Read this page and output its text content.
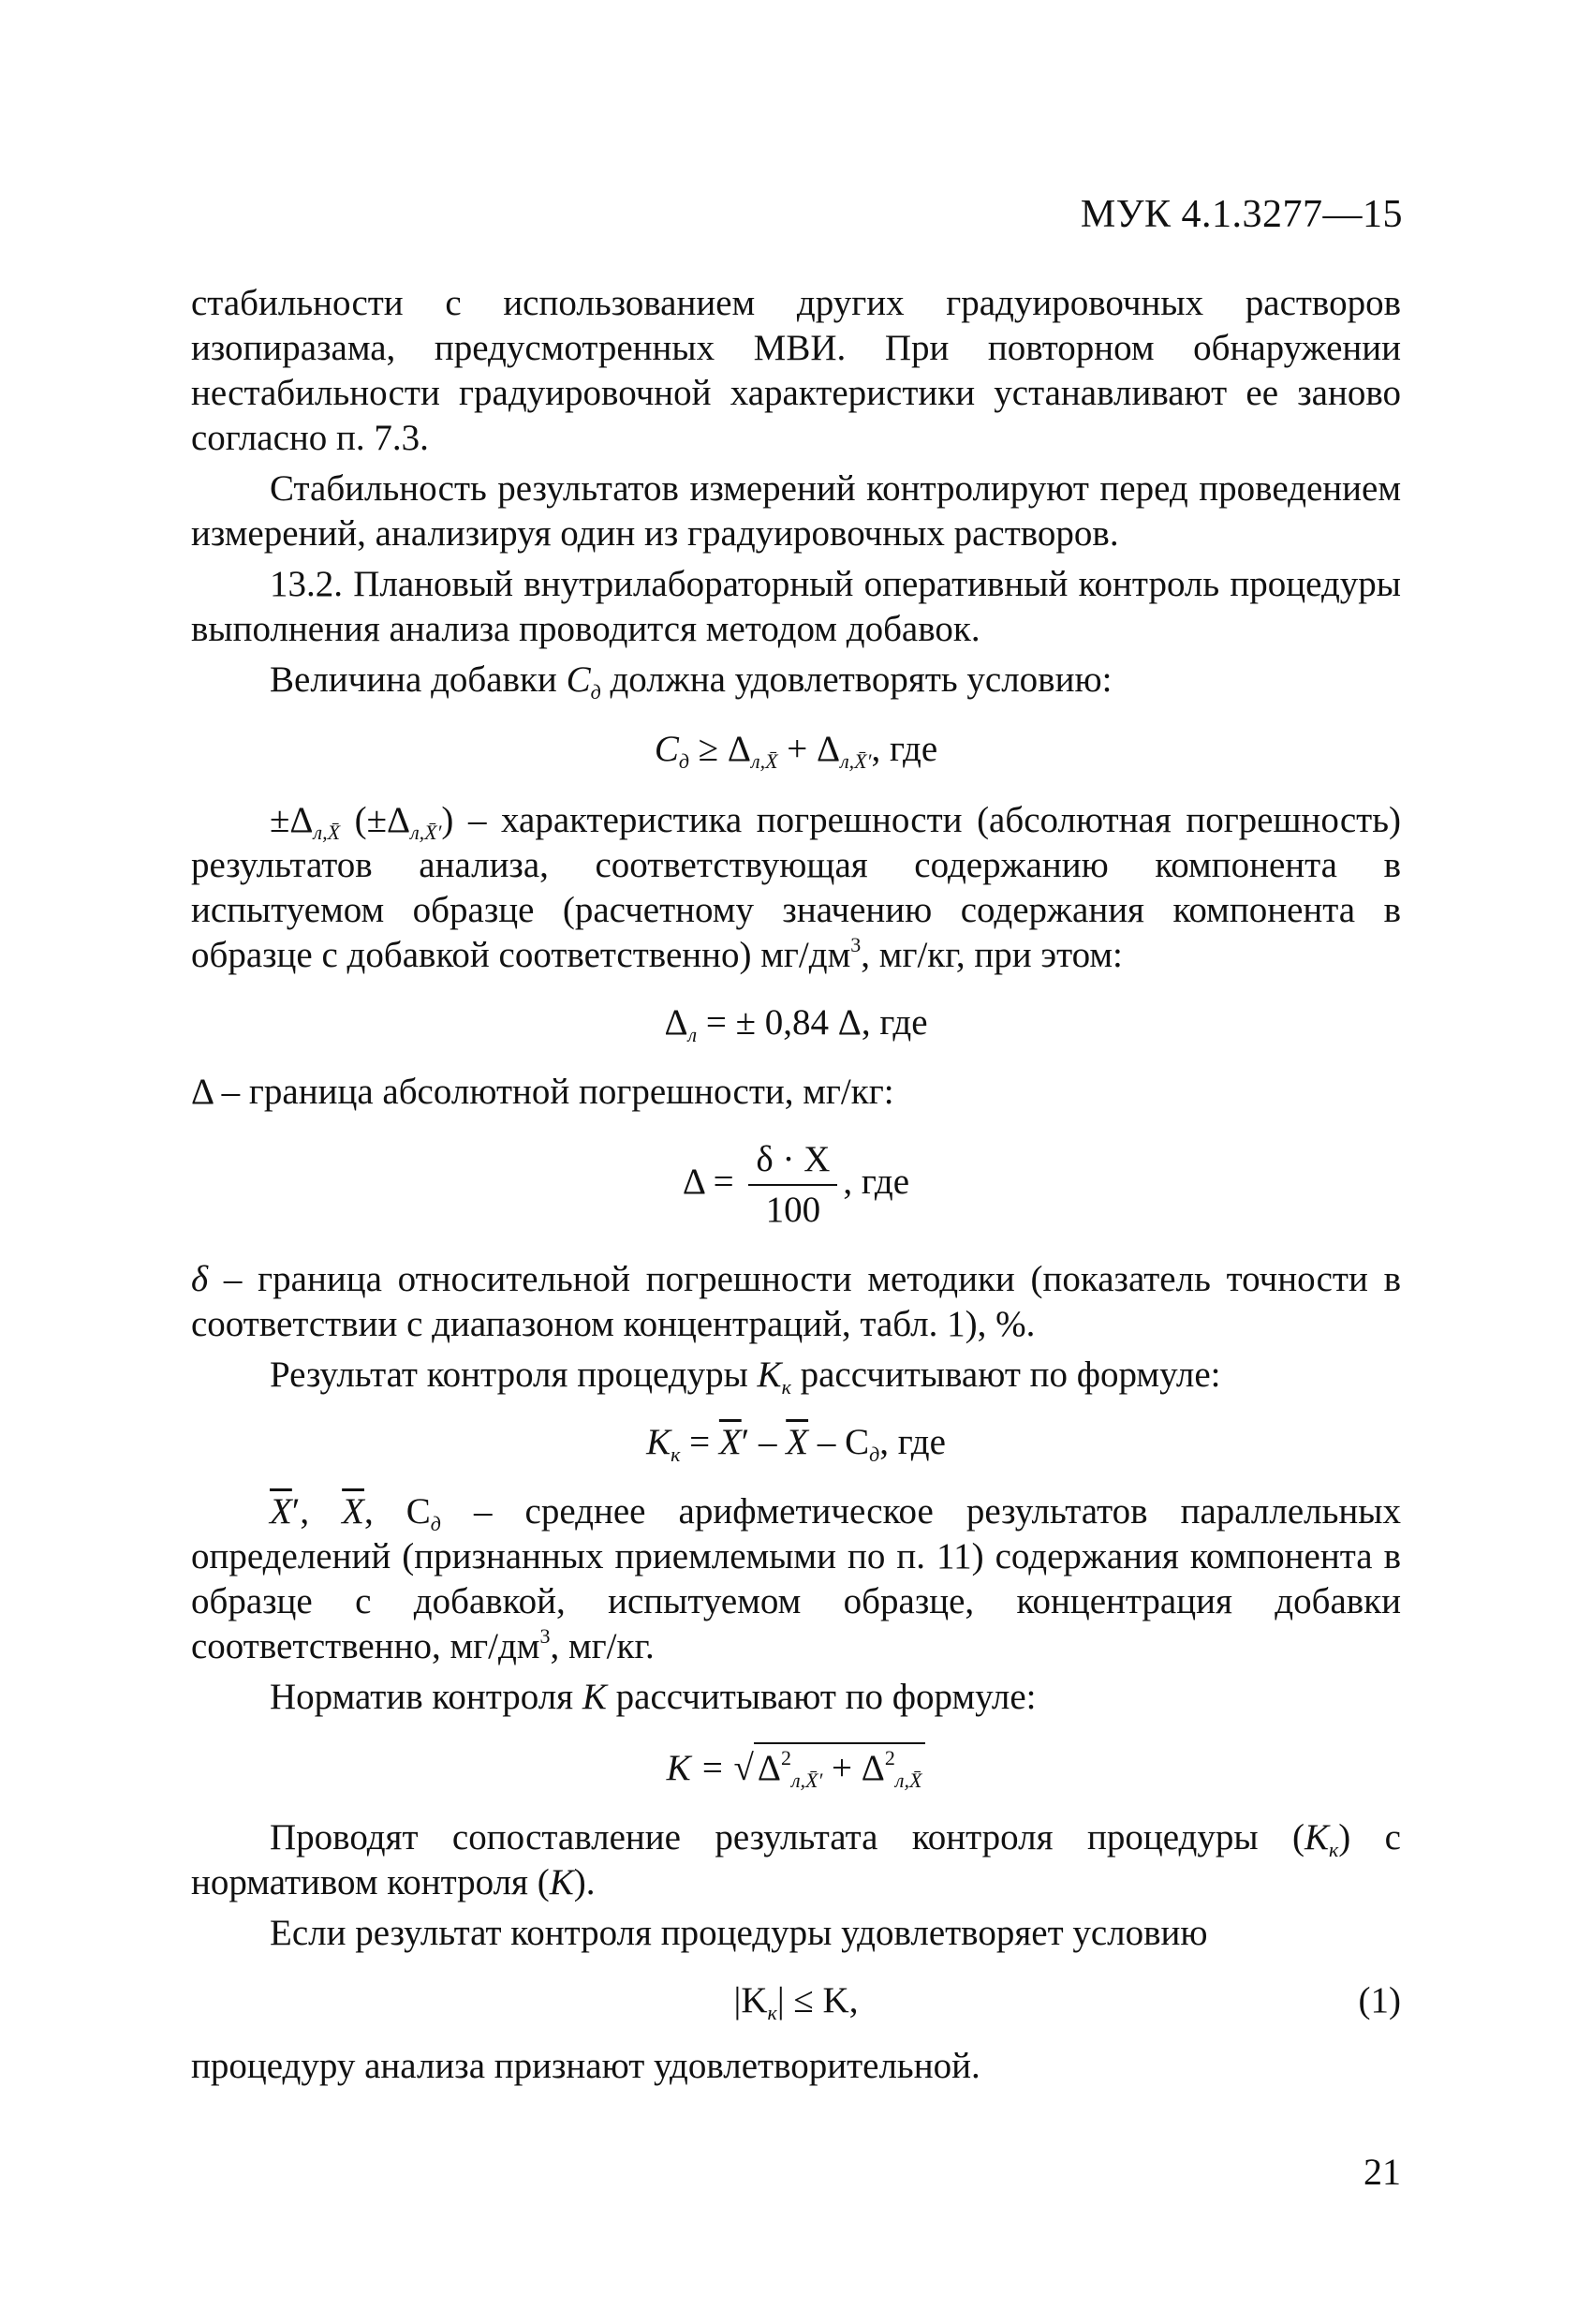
МУК 4.1.3277—15

стабильности с использованием других градуировочных растворов изопиразама, предусмотренных МВИ. При повторном обнаружении нестабильности градуировочной характеристики устанавливают ее заново согласно п. 7.3.

Стабильность результатов измерений контролируют перед проведением измерений, анализируя один из градуировочных растворов.

13.2. Плановый внутрилабораторный оперативный контроль процедуры выполнения анализа проводится методом добавок.

Величина добавки $C_д$ должна удовлетворять условию:

$C_д \ge \Delta_{л,X̄} + \Delta_{л,X̄'}$, где

$\pm\Delta_{л,X̄}$ $(\pm\Delta_{л,X̄'})$ – характеристика погрешности (абсолютная погрешность) результатов анализа, соответствующая содержанию компонента в испытуемом образце (расчетному значению содержания компонента в образце с добавкой соответственно) $мг/дм^3$, мг/кг, при этом:

$\Delta_л$ = ± 0,84 Δ, где

Δ – граница абсолютной погрешности, мг/кг:

$\Delta = \frac{\delta \cdot X}{100}$ , где

δ – граница относительной погрешности методики (показатель точности в соответствии с диапазоном концентраций, табл. 1), %.

Результат контроля процедуры $K_к$ рассчитывают по формуле:

$K_к = \overline{X}' - \overline{X} - C_д$, где

$\overline{X}'$, $\overline{X}$, $C_д$ – среднее арифметическое результатов параллельных определений (признанных приемлемыми по п. 11) содержания компонента в образце с добавкой, испытуемом образце, концентрация добавки соответственно, $мг/дм^3$, мг/кг.

Норматив контроля K рассчитывают по формуле:

K = √ $\Delta^2_{л,X̄'} + \Delta^2_{л,X̄}$

Проводят сопоставление результата контроля процедуры $(K_к)$ с нормативом контроля (K).

Если результат контроля процедуры удовлетворяет условию

$|K_к| \le K$,	(1)

процедуру анализа признают удовлетворительной.

21
